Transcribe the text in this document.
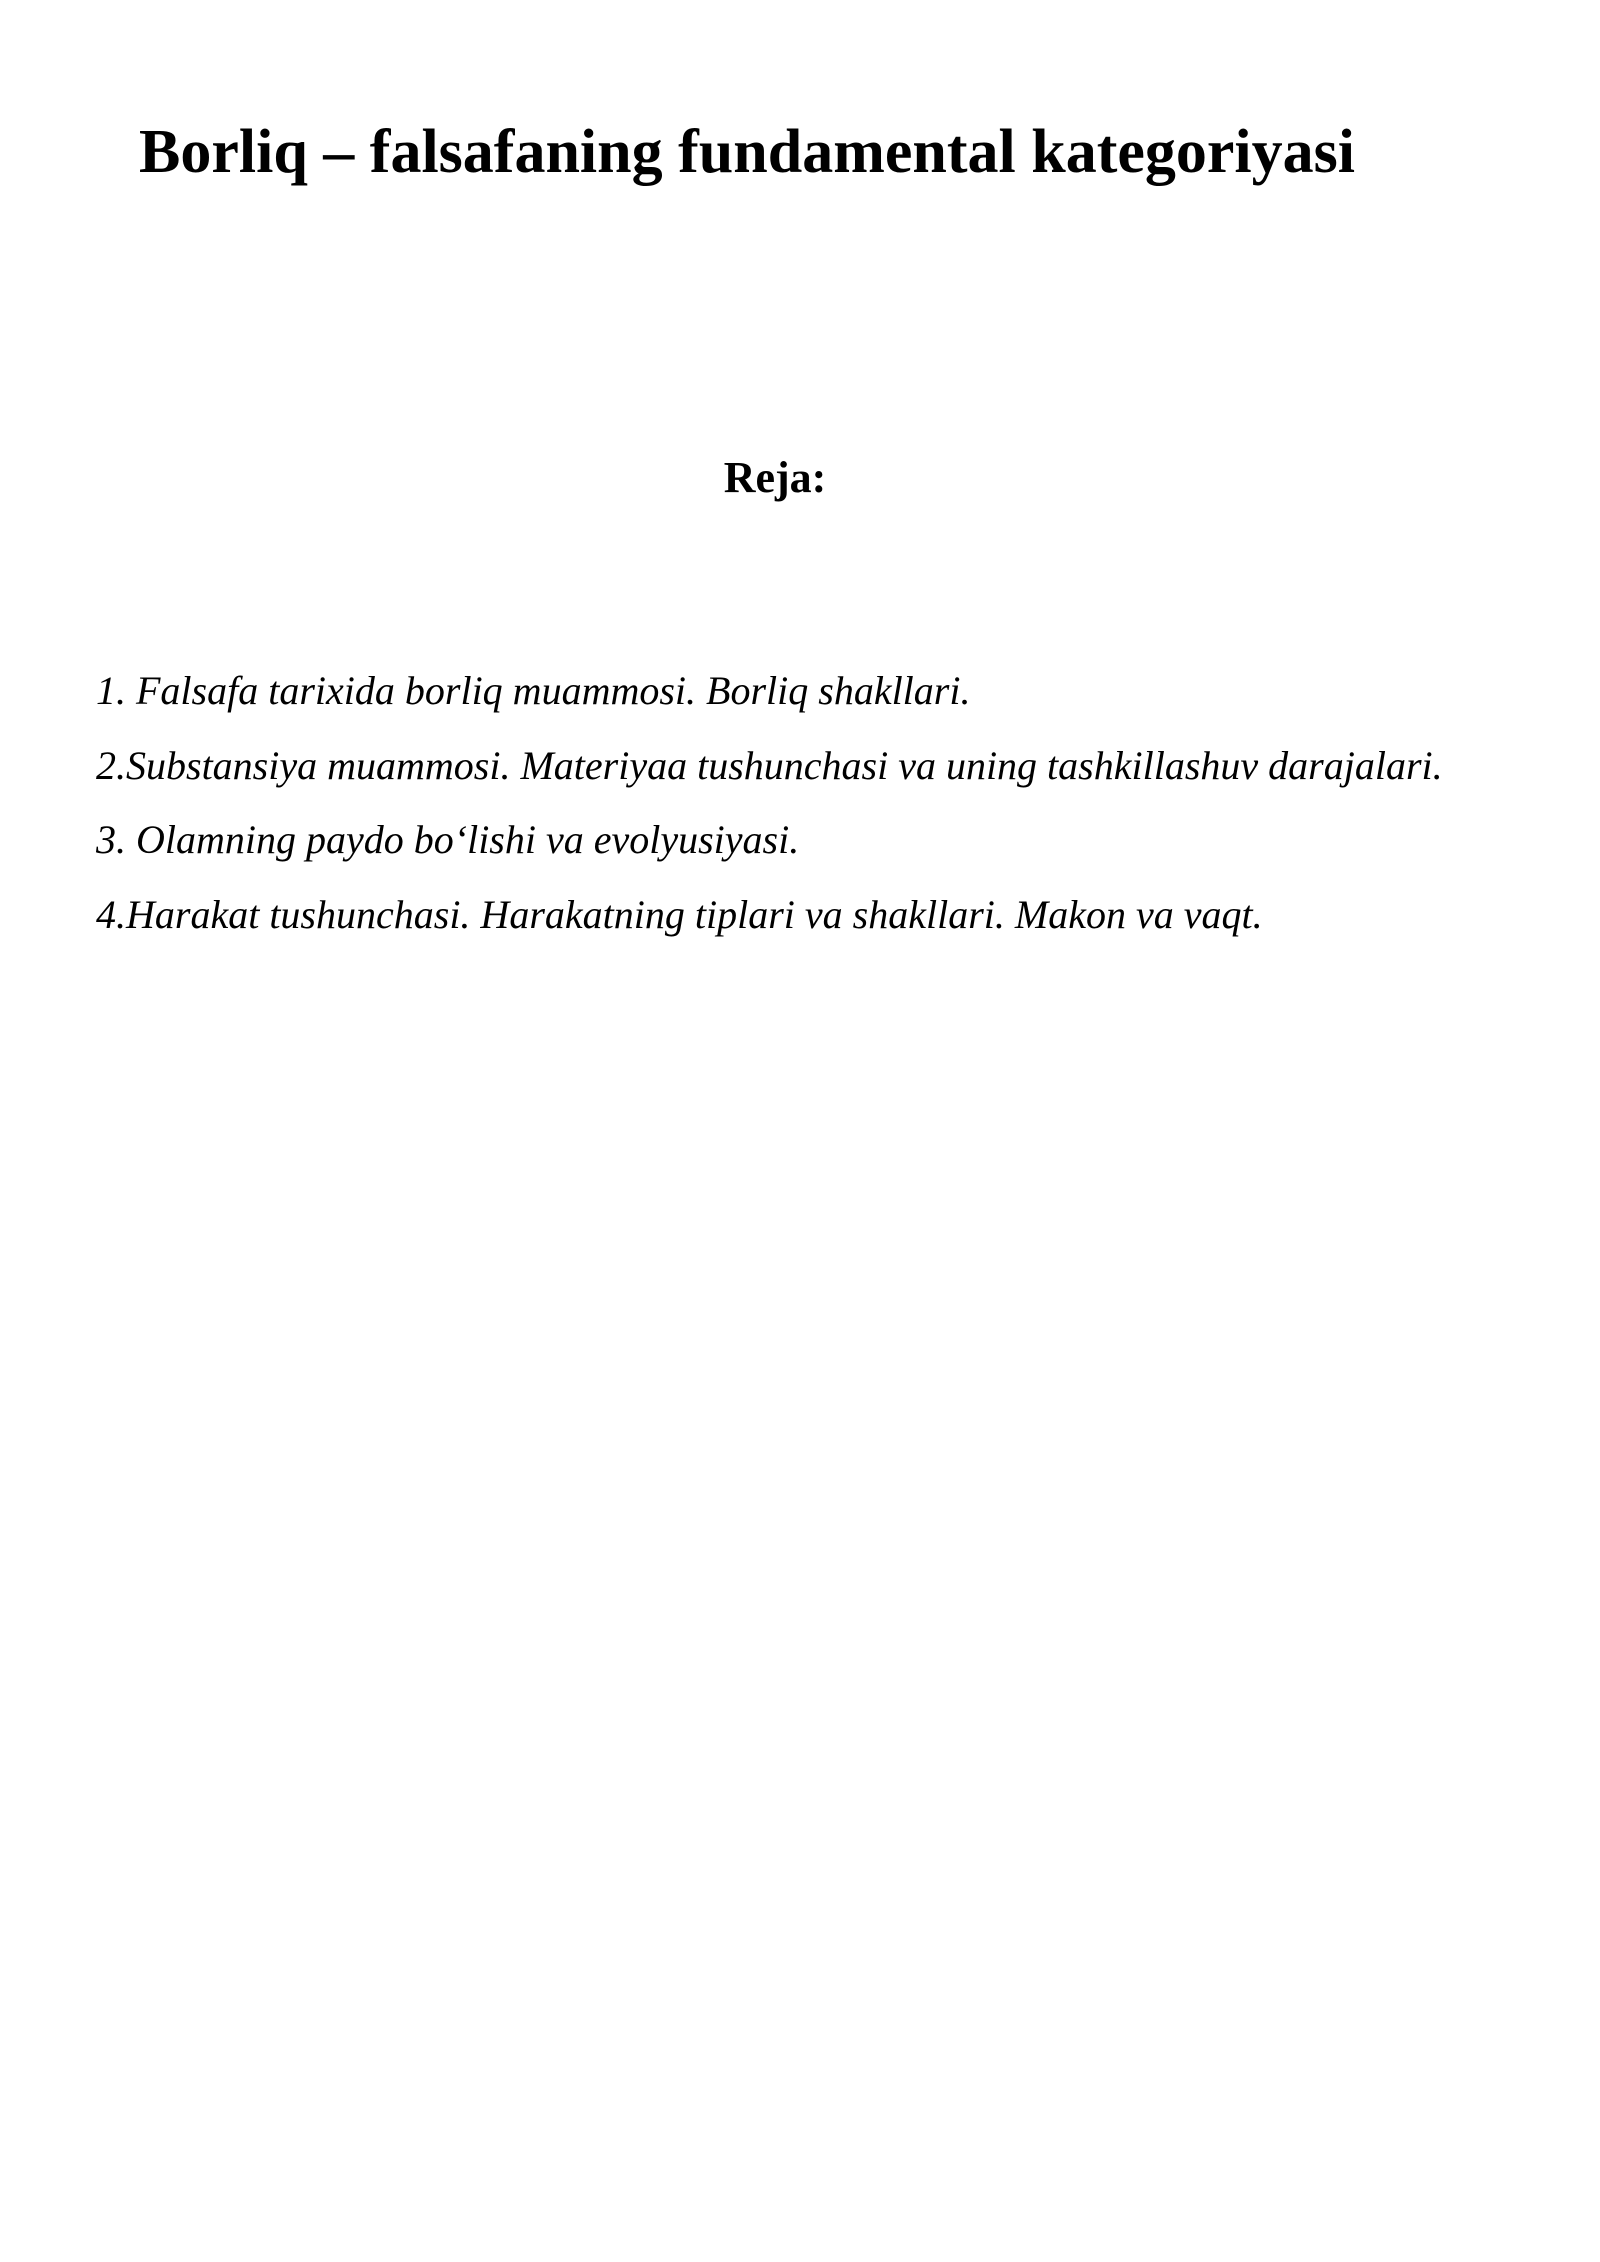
Borliq – falsafaning fundamental kategoriyasi
Reja:
1. Falsafa tarixida borliq muammosi. Borliq shakllari.
2.Substansiya muammosi. Materiyaa tushunchasi va uning tashkillashuv darajalari.
3. Olamning paydo bo‘lishi va evolyusiyasi.
4.Harakat tushunchasi. Harakatning tiplari va shakllari. Makon va vaqt.
